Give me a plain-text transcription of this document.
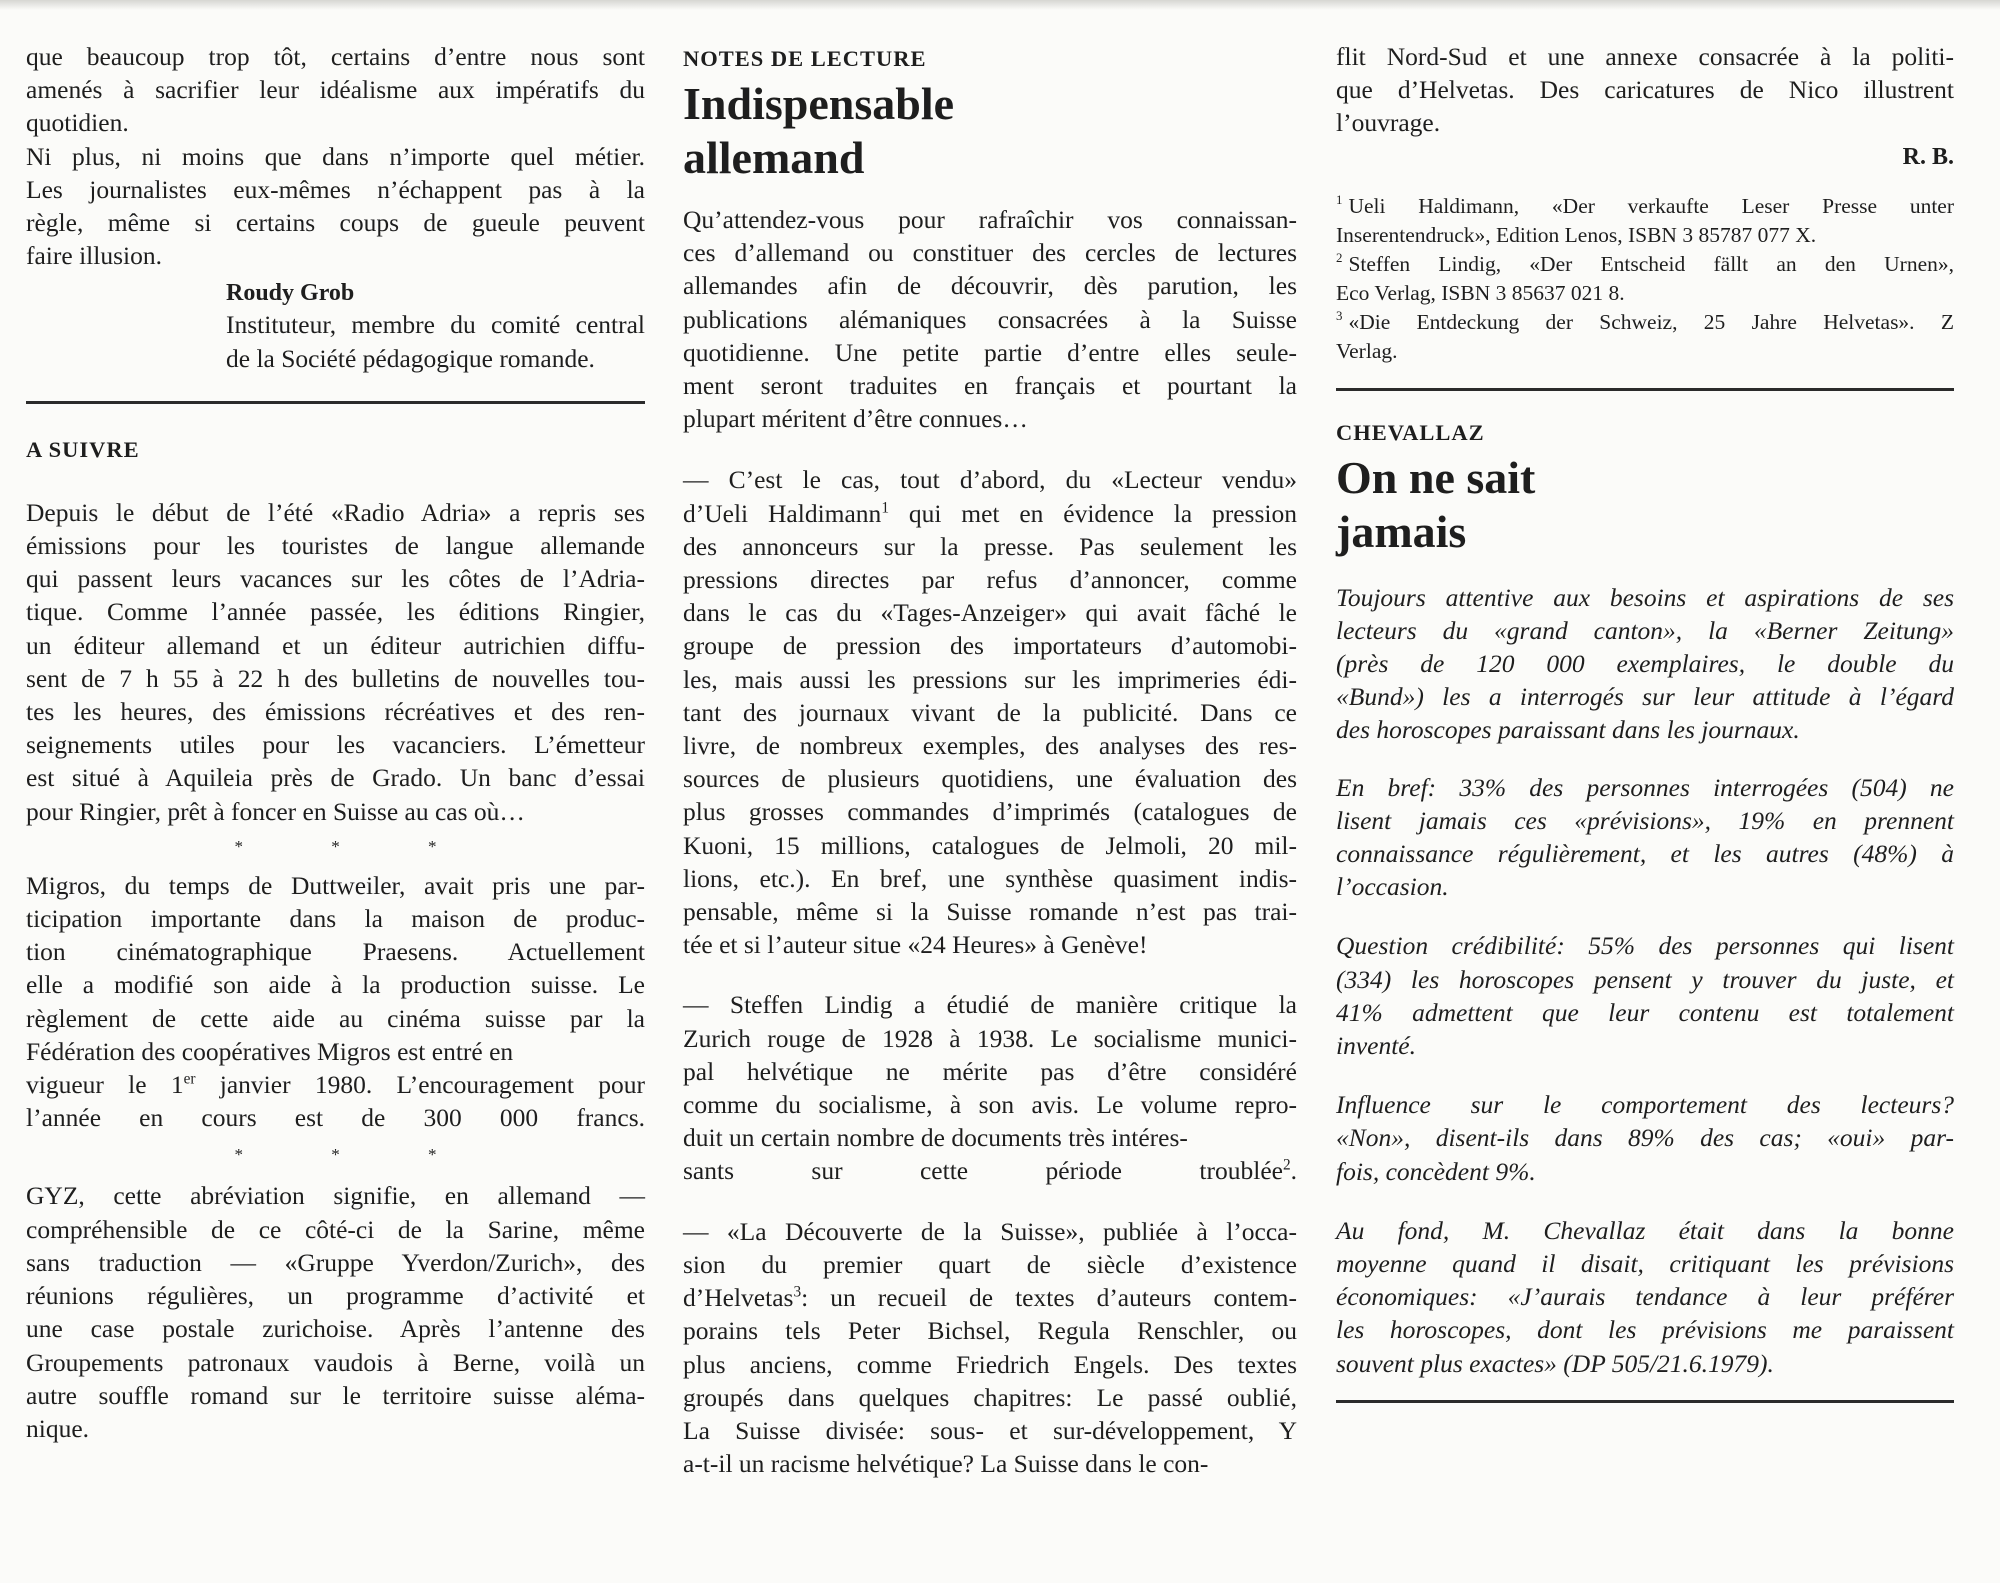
que beaucoup trop tôt, certains d’entre nous sont

amenés à sacrifier leur idéalisme aux impératifs du

quotidien.

Ni plus, ni moins que dans n’importe quel métier.

Les journalistes eux-mêmes n’échappent pas à la

règle, même si certains coups de gueule peuvent

faire illusion.

Roudy Grob

Instituteur, membre du comité central

de la Société pédagogique romande.

A SUIVRE

Depuis le début de l’été «Radio Adria» a repris ses

émissions pour les touristes de langue allemande

qui passent leurs vacances sur les côtes de l’Adria-

tique. Comme l’année passée, les éditions Ringier,

un éditeur allemand et un éditeur autrichien diffu-

sent de 7 h 55 à 22 h des bulletins de nouvelles tou-

tes les heures, des émissions récréatives et des ren-

seignements utiles pour les vacanciers. L’émetteur

est situé à Aquileia près de Grado. Un banc d’essai

pour Ringier, prêt à foncer en Suisse au cas où…

* * *

Migros, du temps de Duttweiler, avait pris une par-

ticipation importante dans la maison de produc-

tion cinématographique Praesens. Actuellement

elle a modifié son aide à la production suisse. Le

règlement de cette aide au cinéma suisse par la

Fédération des coopératives Migros est entré en

vigueur le 1er janvier 1980. L’encouragement pour

l’année en cours est de 300 000 francs.

* * *

GYZ, cette abréviation signifie, en allemand —

compréhensible de ce côté-ci de la Sarine, même

sans traduction — «Gruppe Yverdon/Zurich», des

réunions régulières, un programme d’activité et

une case postale zurichoise. Après l’antenne des

Groupements patronaux vaudois à Berne, voilà un

autre souffle romand sur le territoire suisse aléma-

nique.

NOTES DE LECTURE
Indispensable
allemand

Qu’attendez-vous pour rafraîchir vos connaissan-

ces d’allemand ou constituer des cercles de lectures

allemandes afin de découvrir, dès parution, les

publications alémaniques consacrées à la Suisse

quotidienne. Une petite partie d’entre elles seule-

ment seront traduites en français et pourtant la

plupart méritent d’être connues…

— C’est le cas, tout d’abord, du «Lecteur vendu»

d’Ueli Haldimann$^1$ qui met en évidence la pression

des annonceurs sur la presse. Pas seulement les

pressions directes par refus d’annoncer, comme

dans le cas du «Tages-Anzeiger» qui avait fâché le

groupe de pression des importateurs d’automobi-

les, mais aussi les pressions sur les imprimeries édi-

tant des journaux vivant de la publicité. Dans ce

livre, de nombreux exemples, des analyses des res-

sources de plusieurs quotidiens, une évaluation des

plus grosses commandes d’imprimés (catalogues de

Kuoni, 15 millions, catalogues de Jelmoli, 20 mil-

lions, etc.). En bref, une synthèse quasiment indis-

pensable, même si la Suisse romande n’est pas trai-

tée et si l’auteur situe «24 Heures» à Genève!

— Steffen Lindig a étudié de manière critique la

Zurich rouge de 1928 à 1938. Le socialisme munici-

pal helvétique ne mérite pas d’être considéré

comme du socialisme, à son avis. Le volume repro-

duit un certain nombre de documents très intéres-

sants sur cette période troublée$^2$.

— «La Découverte de la Suisse», publiée à l’occa-

sion du premier quart de siècle d’existence

d’Helvetas$^3$: un recueil de textes d’auteurs contem-

porains tels Peter Bichsel, Regula Renschler, ou

plus anciens, comme Friedrich Engels. Des textes

groupés dans quelques chapitres: Le passé oublié,

La Suisse divisée: sous- et sur-développement, Y

a-t-il un racisme helvétique? La Suisse dans le con-

flit Nord-Sud et une annexe consacrée à la politi-

que d’Helvetas. Des caricatures de Nico illustrent

l’ouvrage.

R. B.

$^1$ Ueli Haldimann, «Der verkaufte Leser Presse unter

Inserentendruck», Edition Lenos, ISBN 3 85787 077 X.

$^2$ Steffen Lindig, «Der Entscheid fällt an den Urnen»,

Eco Verlag, ISBN 3 85637 021 8.

$^3$ «Die Entdeckung der Schweiz, 25 Jahre Helvetas». Z

Verlag.

CHEVALLAZ
On ne sait
jamais

Toujours attentive aux besoins et aspirations de ses

lecteurs du «grand canton», la «Berner Zeitung»

(près de 120 000 exemplaires, le double du

«Bund») les a interrogés sur leur attitude à l’égard

des horoscopes paraissant dans les journaux.

En bref: 33% des personnes interrogées (504) ne

lisent jamais ces «prévisions», 19% en prennent

connaissance régulièrement, et les autres (48%) à

l’occasion.

Question crédibilité: 55% des personnes qui lisent

(334) les horoscopes pensent y trouver du juste, et

41% admettent que leur contenu est totalement

inventé.

Influence sur le comportement des lecteurs?

«Non», disent-ils dans 89% des cas; «oui» par-

fois, concèdent 9%.

Au fond, M. Chevallaz était dans la bonne

moyenne quand il disait, critiquant les prévisions

économiques: «J’aurais tendance à leur préférer

les horoscopes, dont les prévisions me paraissent

souvent plus exactes» (DP 505/21.6.1979).
